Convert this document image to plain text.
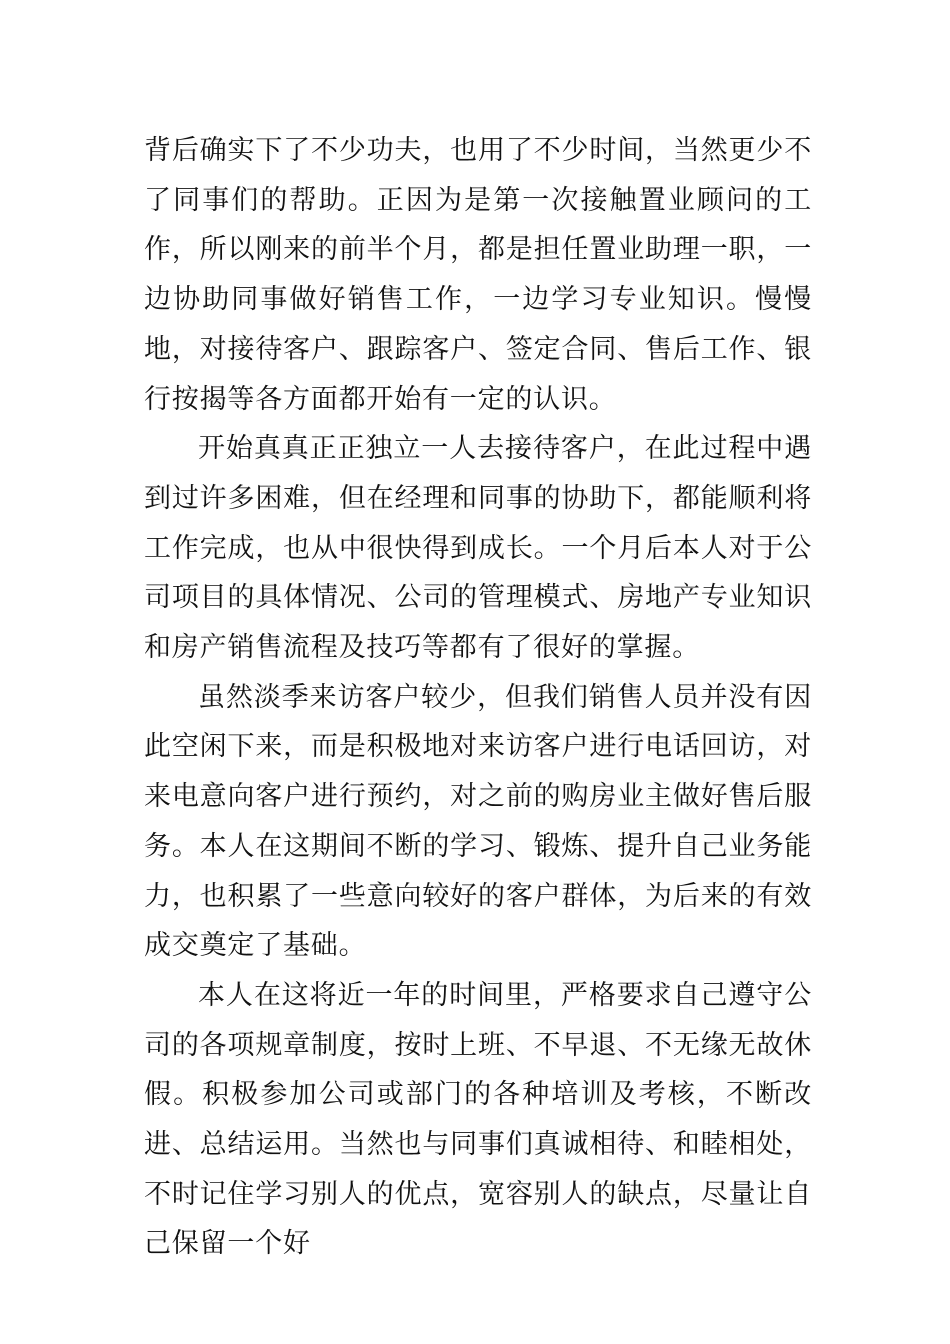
背后确实下了不少功夫，也用了不少时间，当然更少不了同事们的帮助。正因为是第一次接触置业顾问的工作，所以刚来的前半个月，都是担任置业助理一职，一边协助同事做好销售工作，一边学习专业知识。慢慢地，对接待客户、跟踪客户、签定合同、售后工作、银行按揭等各方面都开始有一定的认识。

开始真真正正独立一人去接待客户，在此过程中遇到过许多困难，但在经理和同事的协助下，都能顺利将工作完成，也从中很快得到成长。一个月后本人对于公司项目的具体情况、公司的管理模式、房地产专业知识和房产销售流程及技巧等都有了很好的掌握。

虽然淡季来访客户较少，但我们销售人员并没有因此空闲下来，而是积极地对来访客户进行电话回访，对来电意向客户进行预约，对之前的购房业主做好售后服务。本人在这期间不断的学习、锻炼、提升自己业务能力，也积累了一些意向较好的客户群体，为后来的有效成交奠定了基础。

本人在这将近一年的时间里，严格要求自己遵守公司的各项规章制度，按时上班、不早退、不无缘无故休假。积极参加公司或部门的各种培训及考核，不断改进、总结运用。当然也与同事们真诚相待、和睦相处，不时记住学习别人的优点，宽容别人的缺点，尽量让自己保留一个好
